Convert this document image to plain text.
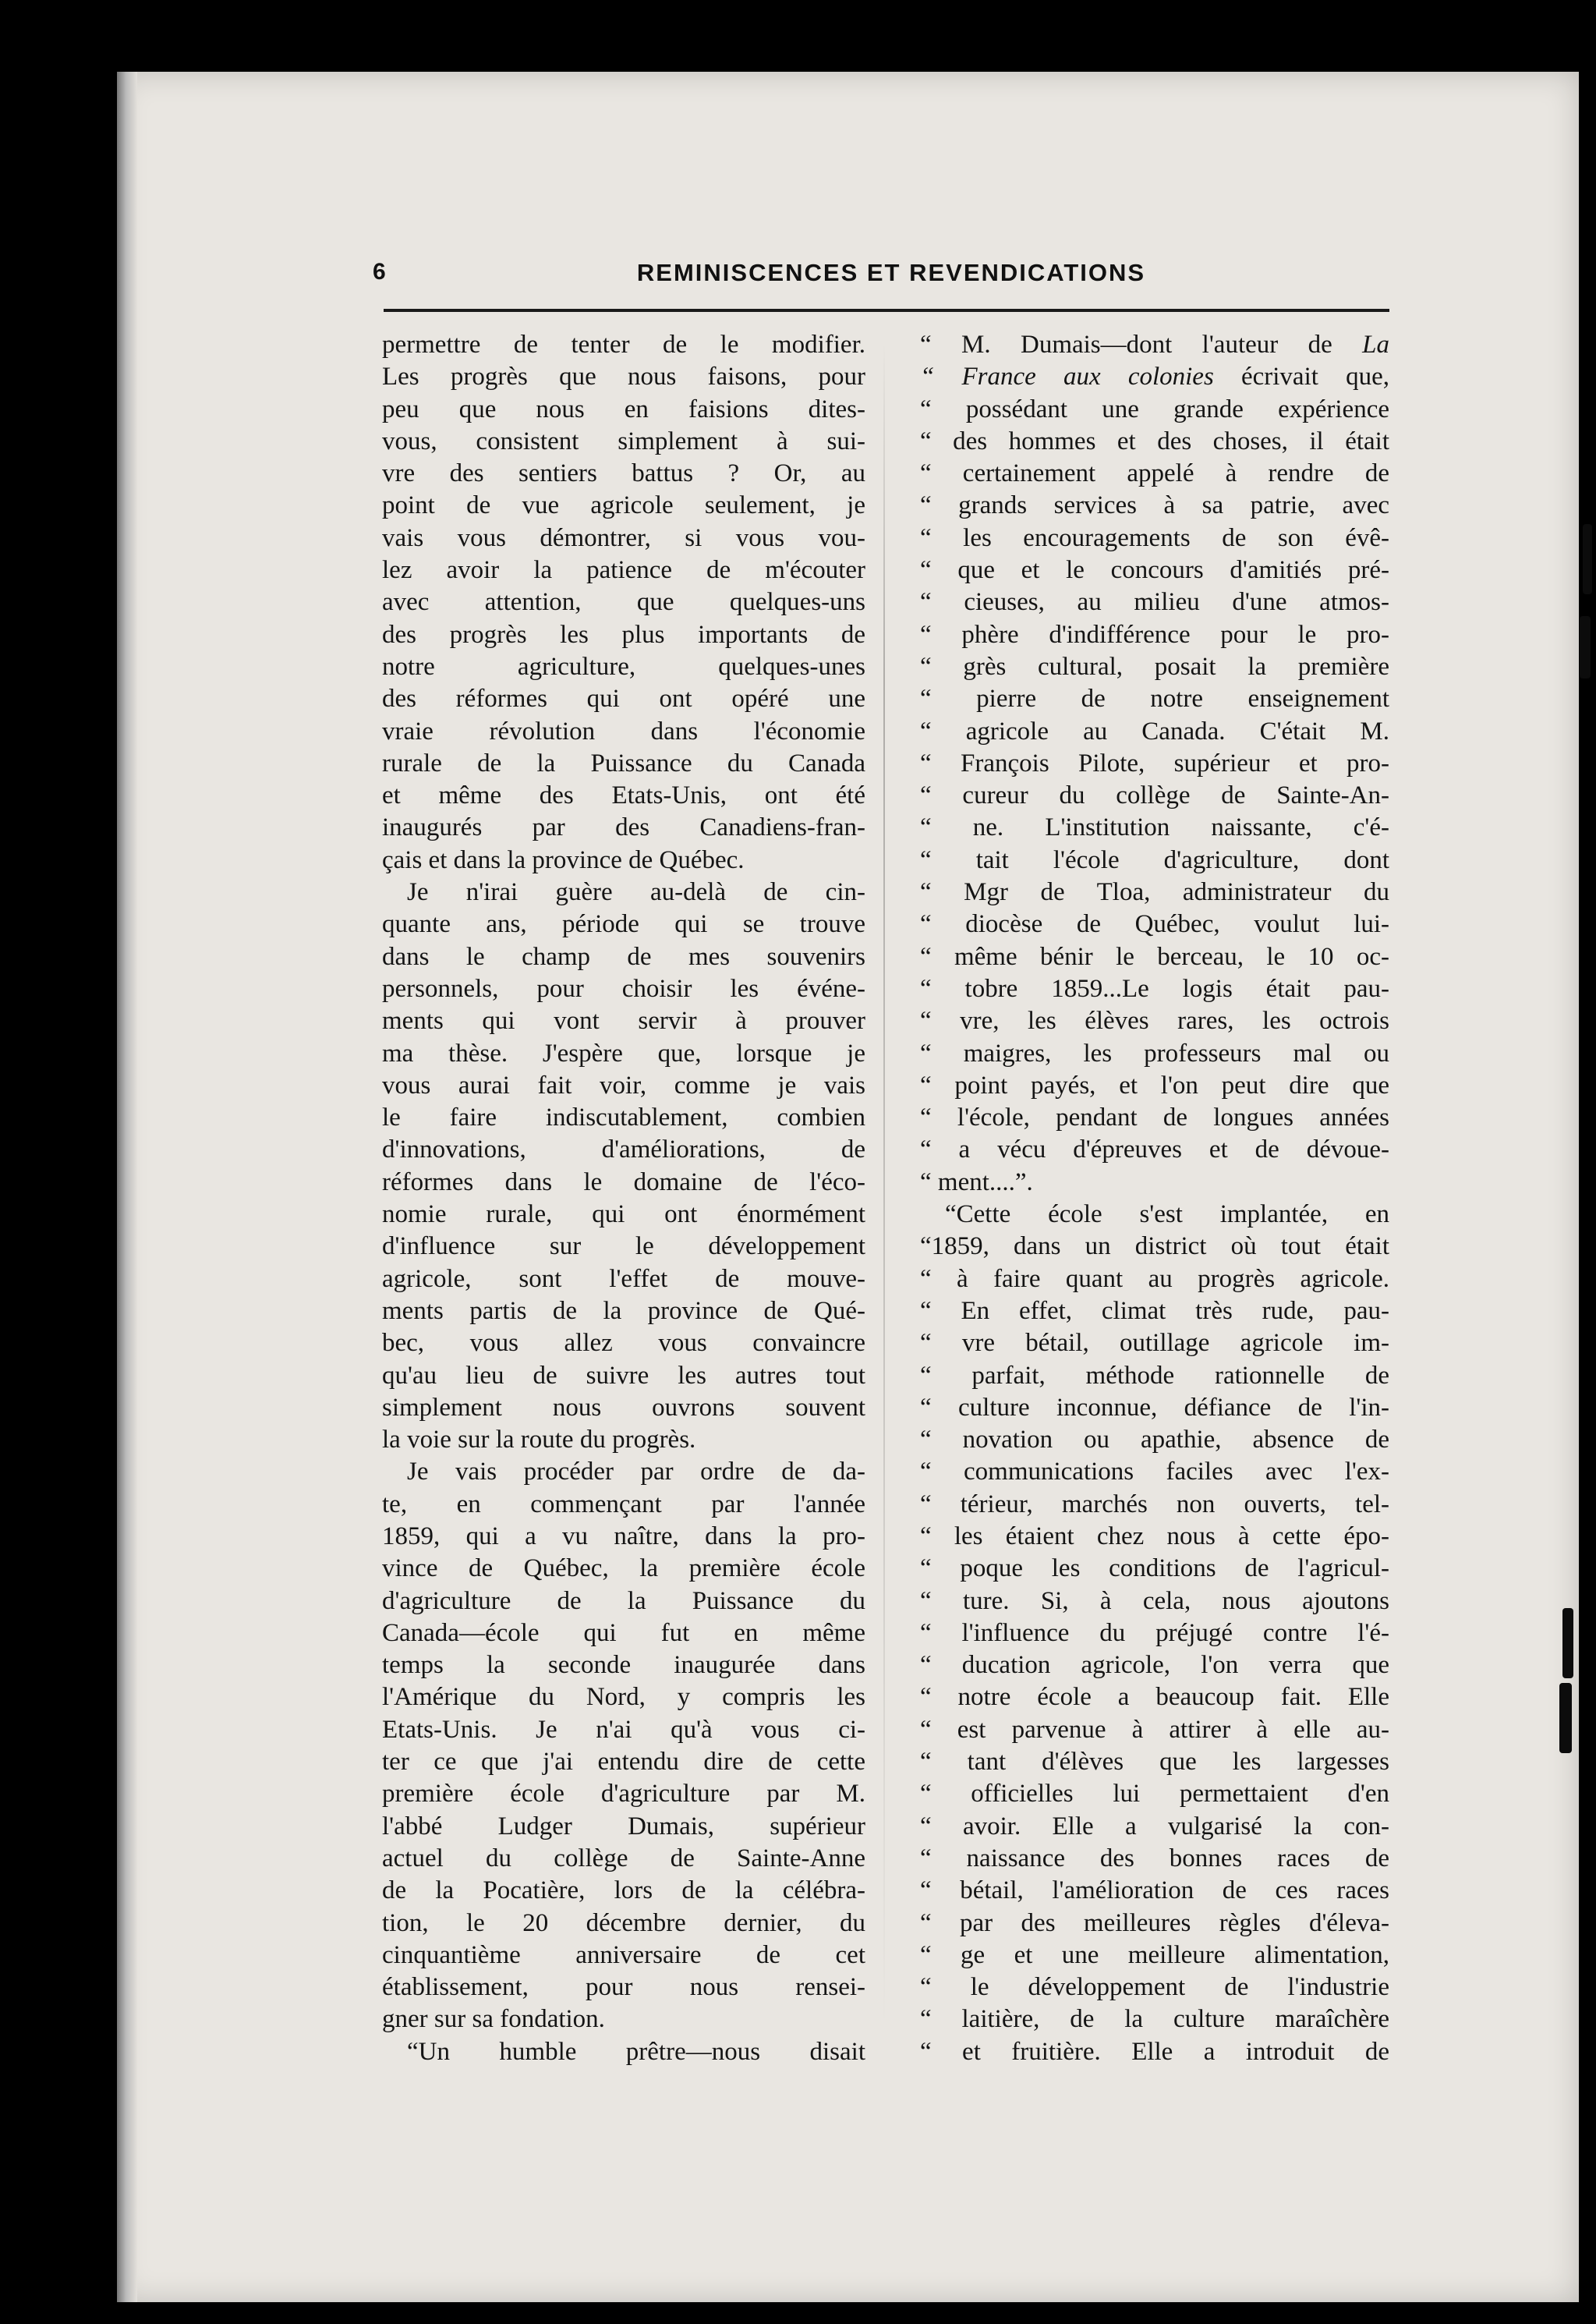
6	REMINISCENCES ET REVENDICATIONS
permettre de tenter de le modifier.
Les progrès que nous faisons, pour
peu que nous en faisions dites-
vous, consistent simplement à sui-
vre des sentiers battus ? Or, au
point de vue agricole seulement, je
vais vous démontrer, si vous vou-
lez avoir la patience de m'écouter
avec attention, que quelques-uns
des progrès les plus importants de
notre agriculture, quelques-unes
des réformes qui ont opéré une
vraie révolution dans l'économie
rurale de la Puissance du Canada
et même des Etats-Unis, ont été
inaugurés par des Canadiens-fran-
çais et dans la province de Québec.
Je n'irai guère au-delà de cin-
quante ans, période qui se trouve
dans le champ de mes souvenirs
personnels, pour choisir les événe-
ments qui vont servir à prouver
ma thèse. J'espère que, lorsque je
vous aurai fait voir, comme je vais
le faire indiscutablement, combien
d'innovations, d'améliorations, de
réformes dans le domaine de l'éco-
nomie rurale, qui ont énormément
d'influence sur le développement
agricole, sont l'effet de mouve-
ments partis de la province de Qué-
bec, vous allez vous convaincre
qu'au lieu de suivre les autres tout
simplement nous ouvrons souvent
la voie sur la route du progrès.
Je vais procéder par ordre de da-
te, en commençant par l'année
1859, qui a vu naître, dans la pro-
vince de Québec, la première école
d'agriculture de la Puissance du
Canada—école qui fut en même
temps la seconde inaugurée dans
l'Amérique du Nord, y compris les
Etats-Unis. Je n'ai qu'à vous ci-
ter ce que j'ai entendu dire de cette
première école d'agriculture par M.
l'abbé Ludger Dumais, supérieur
actuel du collège de Sainte-Anne
de la Pocatière, lors de la célébra-
tion, le 20 décembre dernier, du
cinquantième anniversaire de cet
établissement, pour nous rensei-
gner sur sa fondation.
“Un humble prêtre—nous disait
“ M. Dumais—dont l'auteur de La
“ France aux colonies écrivait que,
“ possédant une grande expérience
“ des hommes et des choses, il était
“ certainement appelé à rendre de
“ grands services à sa patrie, avec
“ les encouragements de son évê-
“ que et le concours d'amitiés pré-
“ cieuses, au milieu d'une atmos-
“ phère d'indifférence pour le pro-
“ grès cultural, posait la première
“ pierre de notre enseignement
“ agricole au Canada. C'était M.
“ François Pilote, supérieur et pro-
“ cureur du collège de Sainte-An-
“ ne. L'institution naissante, c'é-
“ tait l'école d'agriculture, dont
“ Mgr de Tloa, administrateur du
“ diocèse de Québec, voulut lui-
“ même bénir le berceau, le 10 oc-
“ tobre 1859...Le logis était pau-
“ vre, les élèves rares, les octrois
“ maigres, les professeurs mal ou
“ point payés, et l'on peut dire que
“ l'école, pendant de longues années
“ a vécu d'épreuves et de dévoue-
“ ment....”.
“Cette école s'est implantée, en
“1859, dans un district où tout était
“ à faire quant au progrès agricole.
“ En effet, climat très rude, pau-
“ vre bétail, outillage agricole im-
“ parfait, méthode rationnelle de
“ culture inconnue, défiance de l'in-
“ novation ou apathie, absence de
“ communications faciles avec l'ex-
“ térieur, marchés non ouverts, tel-
“ les étaient chez nous à cette épo-
“ poque les conditions de l'agricul-
“ ture. Si, à cela, nous ajoutons
“ l'influence du préjugé contre l'é-
“ ducation agricole, l'on verra que
“ notre école a beaucoup fait. Elle
“ est parvenue à attirer à elle au-
“ tant d'élèves que les largesses
“ officielles lui permettaient d'en
“ avoir. Elle a vulgarisé la con-
“ naissance des bonnes races de
“ bétail, l'amélioration de ces races
“ par des meilleures règles d'éleva-
“ ge et une meilleure alimentation,
“ le développement de l'industrie
“ laitière, de la culture maraîchère
“ et fruitière. Elle a introduit de
